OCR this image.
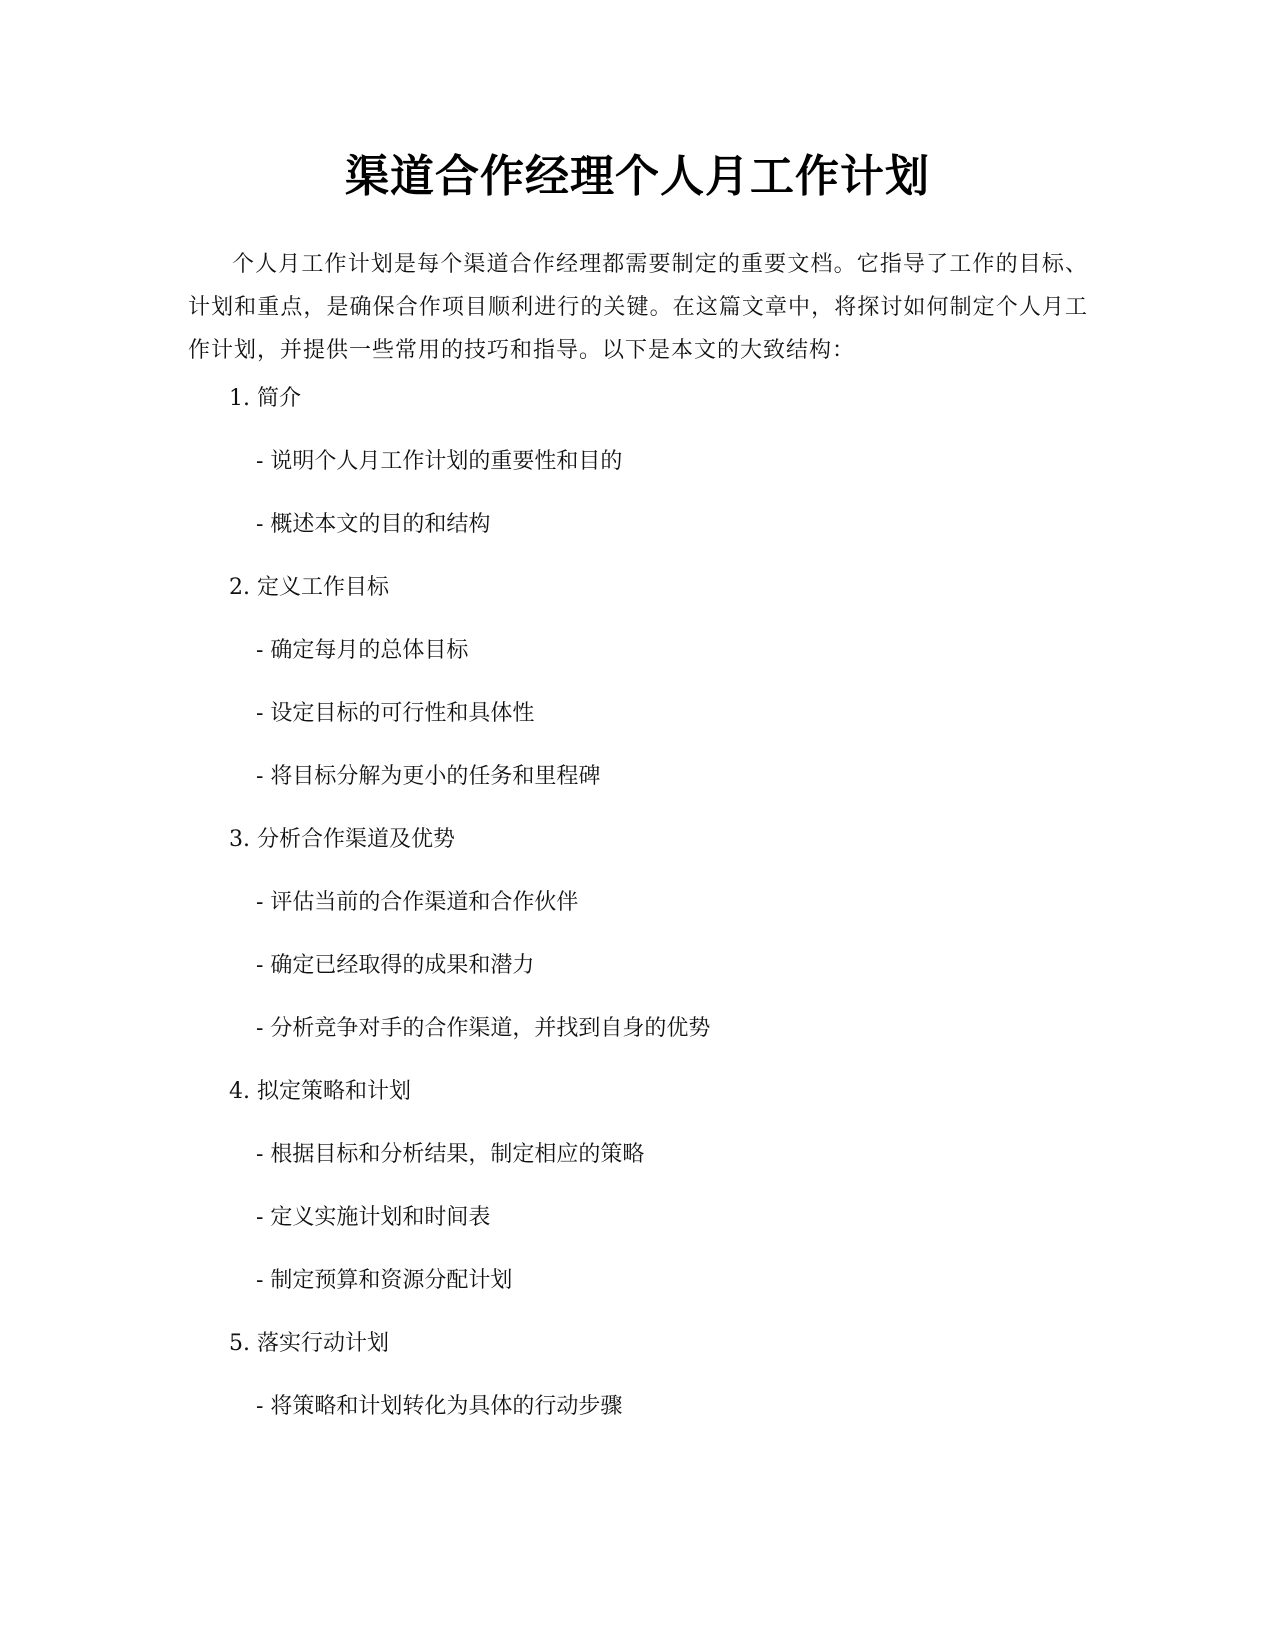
渠道合作经理个人月工作计划

个人月工作计划是每个渠道合作经理都需要制定的重要文档。它指导了工作的目标、计划和重点，是确保合作项目顺利进行的关键。在这篇文章中，将探讨如何制定个人月工作计划，并提供一些常用的技巧和指导。以下是本文的大致结构：

1. 简介
- 说明个人月工作计划的重要性和目的
- 概述本文的目的和结构
2. 定义工作目标
- 确定每月的总体目标
- 设定目标的可行性和具体性
- 将目标分解为更小的任务和里程碑
3. 分析合作渠道及优势
- 评估当前的合作渠道和合作伙伴
- 确定已经取得的成果和潜力
- 分析竞争对手的合作渠道，并找到自身的优势
4. 拟定策略和计划
- 根据目标和分析结果，制定相应的策略
- 定义实施计划和时间表
- 制定预算和资源分配计划
5. 落实行动计划
- 将策略和计划转化为具体的行动步骤
